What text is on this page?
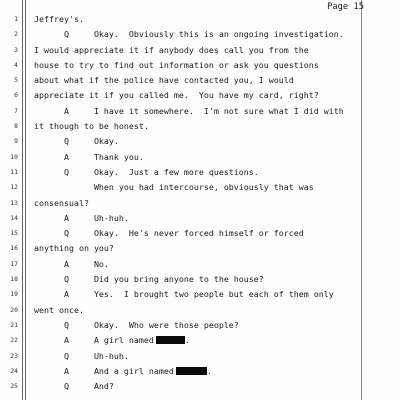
Page 15
1 Jeffrey's.
2 Q     Okay.  Obviously this is an ongoing investigation.
3 I would appreciate it if anybody does call you from the
4 house to try to find out information or ask you questions
5 about what if the police have contacted you, I would
6 appreciate it if you called me.  You have my card, right?
7 A     I have it somewhere.  I'm not sure what I did with
8 it though to be honest.
9 Q     Okay.
10 A     Thank you.
11 Q     Okay.  Just a few more questions.
12 When you had intercourse, obviously that was
13 consensual?
14 A     Uh-huh.
15 Q     Okay.  He's never forced himself or forced
16 anything on you?
17 A     No.
18 Q     Did you bring anyone to the house?
19 A     Yes.  I brought two people but each of them only
20 went once.
21 Q     Okay.  Who were those people?
22 A     A girl named	.
23 Q     Uh-huh.
24 A     And a girl named	.
25 Q     And?
